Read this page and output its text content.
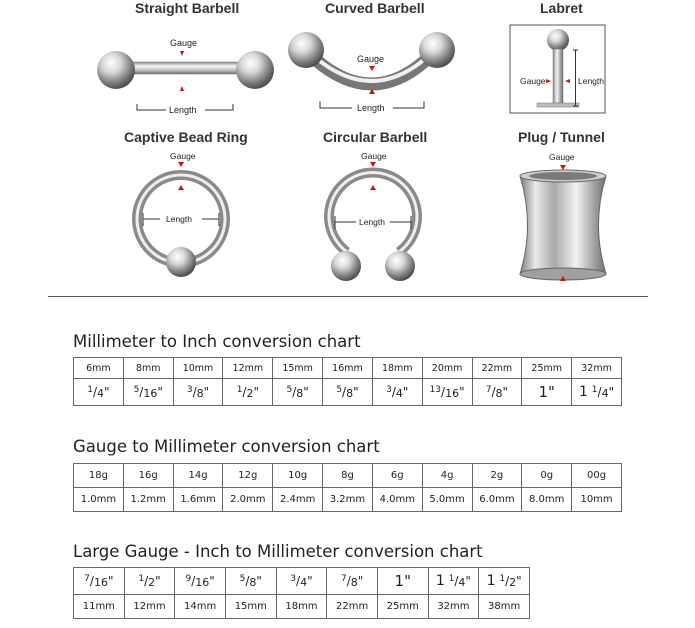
Straight Barbell
Gauge
Length
Curved Barbell
Gauge
Length
Labret
Gauge	Length
Captive Bead Ring
Gauge
Length
Circular Barbell
Gauge
Length
Plug / Tunnel
Gauge
Millimeter to Inch conversion chart
6mm	8mm	10mm	12mm	15mm	16mm	18mm	20mm	22mm	25mm	32mm
$^1/_4$"	$^5/_{16}$"	$^3/_8$"	$^1/_2$"	$^5/_8$"	$^5/_8$"	$^3/_4$"	$^{13}/_{16}$"	$^7/_8$"	1"	1 $^1/_4$"
Gauge to Millimeter conversion chart
18g	16g	14g	12g	10g	8g	6g	4g	2g	0g	00g
1.0mm	1.2mm	1.6mm	2.0mm	2.4mm	3.2mm	4.0mm	5.0mm	6.0mm	8.0mm	10mm
Large Gauge - Inch to Millimeter conversion chart
$^7/_{16}$"	$^1/_2$"	$^9/_{16}$"	$^5/_8$"	$^3/_4$"	$^7/_8$"	1"	1 $^1/_4$"	1 $^1/_2$"
11mm	12mm	14mm	15mm	18mm	22mm	25mm	32mm	38mm
